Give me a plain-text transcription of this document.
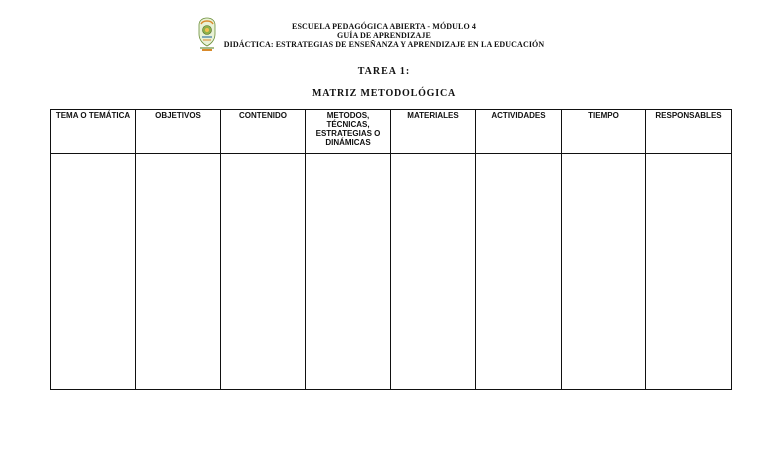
ESCUELA PEDAGÓGICA ABIERTA - MÓDULO 4
GUÍA DE APRENDIZAJE
DIDÁCTICA: ESTRATEGIAS DE ENSEÑANZA Y APRENDIZAJE EN LA EDUCACIÓN
TAREA 1:
MATRIZ METODOLÓGICA
TEMA O TEMÁTICA	OBJETIVOS	CONTENIDO	METODOS, TÉCNICAS, ESTRATEGIAS O DINÁMICAS	MATERIALES	ACTIVIDADES	TIEMPO	RESPONSABLES
